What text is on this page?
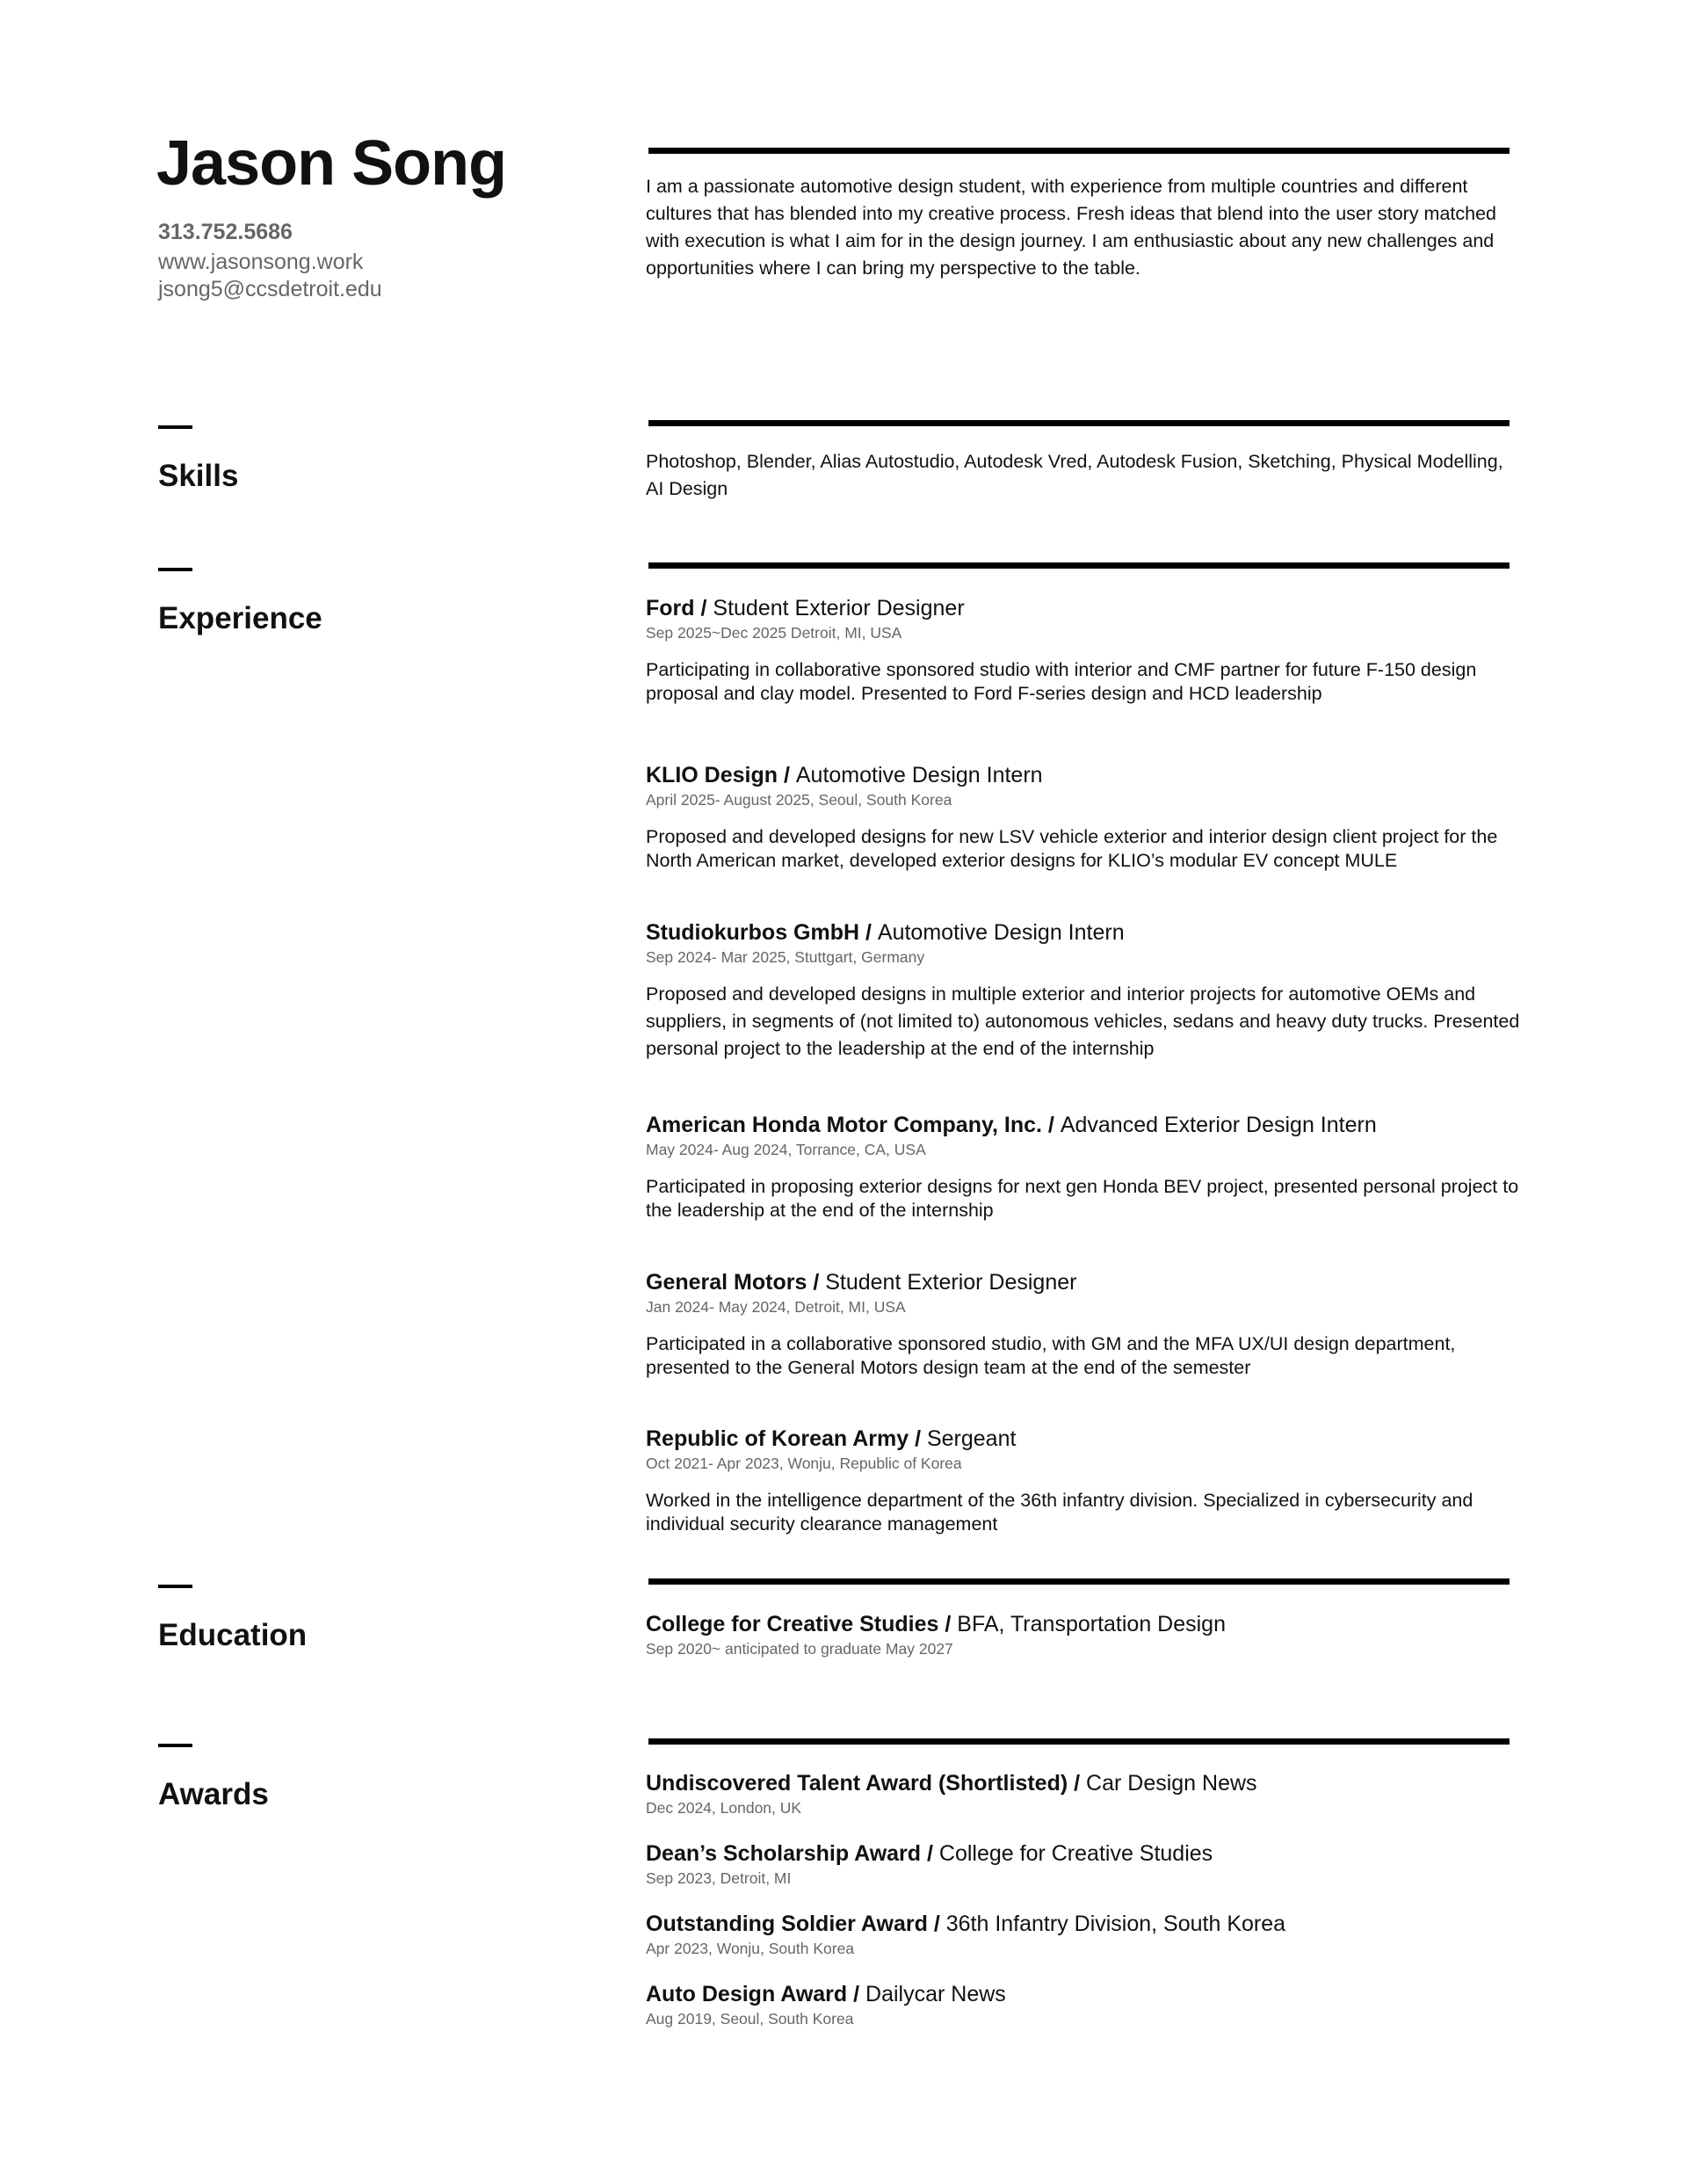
Jason Song
313.752.5686
www.jasonsong.work
jsong5@ccsdetroit.edu
I am a passionate automotive design student, with experience from multiple countries and different cultures that has blended into my creative process. Fresh ideas that blend into the user story matched with execution is what I aim for in the design journey. I am enthusiastic about any new challenges and opportunities where I can bring my perspective to the table.
Skills	Photoshop, Blender, Alias Autostudio, Autodesk Vred, Autodesk Fusion, Sketching, Physical Modelling, AI Design
Experience	Ford / Student Exterior Designer
Sep 2025~Dec 2025 Detroit, MI, USA
Participating in collaborative sponsored studio with interior and CMF partner for future F-150 design proposal and clay model. Presented to Ford F-series design and HCD leadership
KLIO Design / Automotive Design Intern
April 2025- August 2025, Seoul, South Korea
Proposed and developed designs for new LSV vehicle exterior and interior design client project for the North American market, developed exterior designs for KLIO’s modular EV concept MULE
Studiokurbos GmbH / Automotive Design Intern
Sep 2024- Mar 2025, Stuttgart, Germany
Proposed and developed designs in multiple exterior and interior projects for automotive OEMs and suppliers, in segments of (not limited to) autonomous vehicles, sedans and heavy duty trucks. Presented personal project to the leadership at the end of the internship
American Honda Motor Company, Inc. / Advanced Exterior Design Intern
May 2024- Aug 2024, Torrance, CA, USA
Participated in proposing exterior designs for next gen Honda BEV project, presented personal project to the leadership at the end of the internship
General Motors / Student Exterior Designer
Jan 2024- May 2024, Detroit, MI, USA
Participated in a collaborative sponsored studio, with GM and the MFA UX/UI design department, presented to the General Motors design team at the end of the semester
Republic of Korean Army / Sergeant
Oct 2021- Apr 2023, Wonju, Republic of Korea
Worked in the intelligence department of the 36th infantry division. Specialized in cybersecurity and individual security clearance management
Education	College for Creative Studies / BFA, Transportation Design
Sep 2020~ anticipated to graduate May 2027
Awards	Undiscovered Talent Award (Shortlisted) / Car Design News
Dec 2024, London, UK
Dean’s Scholarship Award / College for Creative Studies
Sep 2023, Detroit, MI
Outstanding Soldier Award / 36th Infantry Division, South Korea
Apr 2023, Wonju, South Korea
Auto Design Award / Dailycar News
Aug 2019, Seoul, South Korea
